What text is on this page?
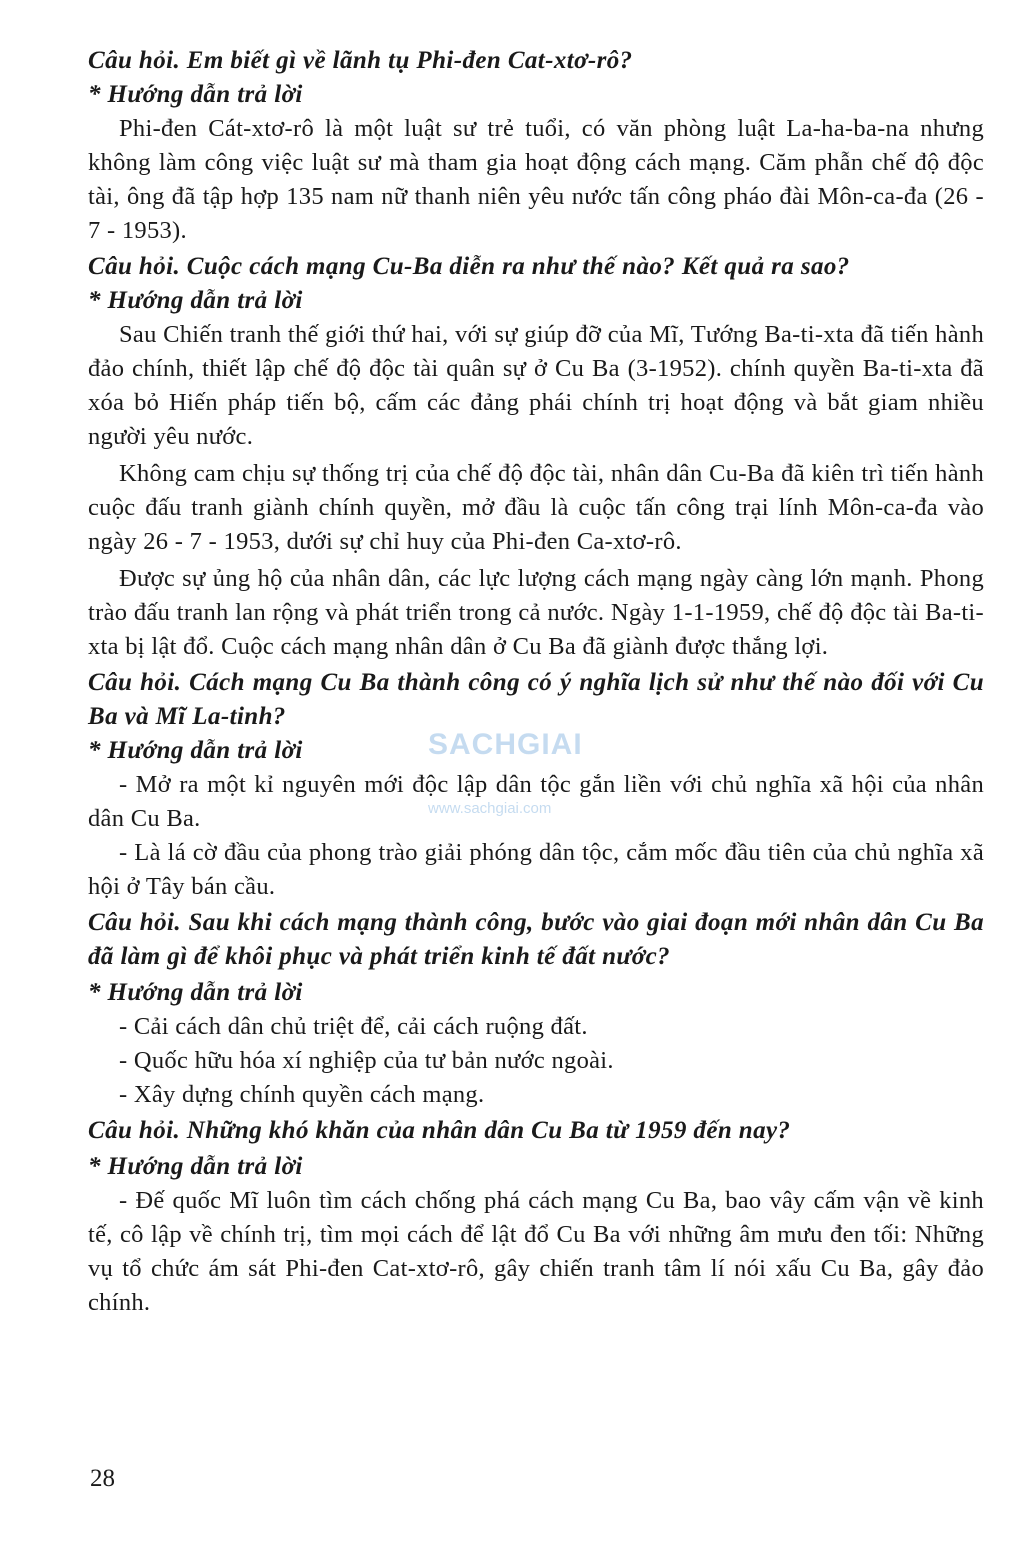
Câu hỏi. Em biết gì về lãnh tụ Phi-đen Cat-xtơ-rô?

* Hướng dẫn trả lời

Phi-đen Cát-xtơ-rô là một luật sư trẻ tuổi, có văn phòng luật La-ha-ba-na nhưng không làm công việc luật sư mà tham gia hoạt động cách mạng. Căm phẫn chế độ độc tài, ông đã tập hợp 135 nam nữ thanh niên yêu nước tấn công pháo đài Môn-ca-đa (26 - 7 - 1953).

Câu hỏi. Cuộc cách mạng Cu-Ba diễn ra như thế nào? Kết quả ra sao?

* Hướng dẫn trả lời

Sau Chiến tranh thế giới thứ hai, với sự giúp đỡ của Mĩ, Tướng Ba-ti-xta đã tiến hành đảo chính, thiết lập chế độ độc tài quân sự ở Cu Ba (3-1952). chính quyền Ba-ti-xta đã xóa bỏ Hiến pháp tiến bộ, cấm các đảng phái chính trị hoạt động và bắt giam nhiều người yêu nước.

Không cam chịu sự thống trị của chế độ độc tài, nhân dân Cu-Ba đã kiên trì tiến hành cuộc đấu tranh giành chính quyền, mở đầu là cuộc tấn công trại lính Môn-ca-đa vào ngày 26 - 7 - 1953, dưới sự chỉ huy của Phi-đen Ca-xtơ-rô.

Được sự ủng hộ của nhân dân, các lực lượng cách mạng ngày càng lớn mạnh. Phong trào đấu tranh lan rộng và phát triển trong cả nước. Ngày 1-1-1959, chế độ độc tài Ba-ti-xta bị lật đổ. Cuộc cách mạng nhân dân ở Cu Ba đã giành được thắng lợi.

Câu hỏi. Cách mạng Cu Ba thành công có ý nghĩa lịch sử như thế nào đối với Cu Ba và Mĩ La-tinh?

* Hướng dẫn trả lời

- Mở ra một kỉ nguyên mới độc lập dân tộc gắn liền với chủ nghĩa xã hội của nhân dân Cu Ba.

- Là lá cờ đầu của phong trào giải phóng dân tộc, cắm mốc đầu tiên của chủ nghĩa xã hội ở Tây bán cầu.

Câu hỏi. Sau khi cách mạng thành công, bước vào giai đoạn mới nhân dân Cu Ba đã làm gì để khôi phục và phát triển kinh tế đất nước?

* Hướng dẫn trả lời

- Cải cách dân chủ triệt để, cải cách ruộng đất.

- Quốc hữu hóa xí nghiệp của tư bản nước ngoài.

- Xây dựng chính quyền cách mạng.

Câu hỏi. Những khó khăn của nhân dân Cu Ba từ 1959 đến nay?

* Hướng dẫn trả lời

- Đế quốc Mĩ luôn tìm cách chống phá cách mạng Cu Ba, bao vây cấm vận về kinh tế, cô lập về chính trị, tìm mọi cách để lật đổ Cu Ba với những âm mưu đen tối: Những vụ tổ chức ám sát Phi-đen Cat-xtơ-rô, gây chiến tranh tâm lí nói xấu Cu Ba, gây đảo chính.

SACHGIAI
www.sachgiai.com
28
